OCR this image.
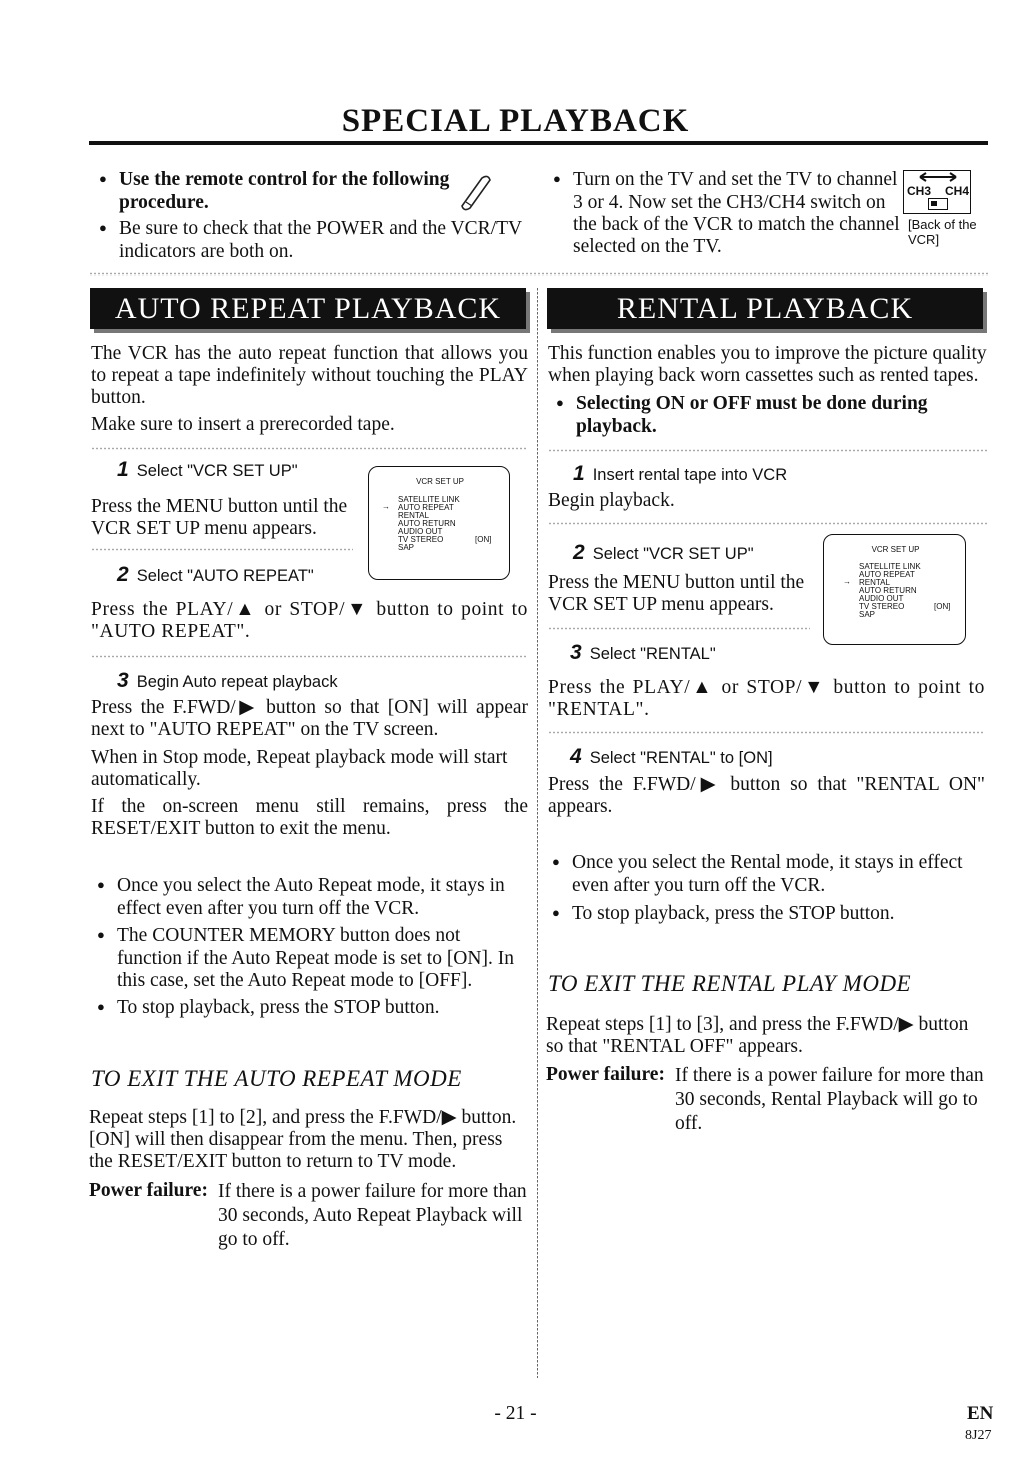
SPECIAL PLAYBACK
●Use the remote control for the following procedure.
●Be sure to check that the POWER and the VCR/TV indicators are both on.
●Turn on the TV and set the TV to channel 3 or 4. Now set the CH3/CH4 switch on the back of the VCR to match the channel selected on the TV.
CH3 CH4
[Back of the VCR]
AUTO REPEAT PLAYBACK
The VCR has the auto repeat function that allows you to repeat a tape indefinitely without touching the PLAY button.
Make sure to insert a prerecorded tape.
1 Select "VCR SET UP"
Press the MENU button until the VCR SET UP menu appears.
VCR SET UP
→
SATELLITE LINK
AUTO REPEAT
RENTAL
AUTO RETURN
AUDIO OUT
TV STEREO
SAP
[ON]
2 Select "AUTO REPEAT"
Press the PLAY/▲ or STOP/▼ button to point to "AUTO REPEAT".
3 Begin Auto repeat playback
Press the F.FWD/▶ button so that [ON] will appear next to "AUTO REPEAT" on the TV screen.
When in Stop mode, Repeat playback mode will start automatically.
If the on-screen menu still remains, press the RESET/EXIT button to exit the menu.
●Once you select the Auto Repeat mode, it stays in effect even after you turn off the VCR.
●The COUNTER MEMORY button does not function if the Auto Repeat mode is set to [ON]. In this case, set the Auto Repeat mode to [OFF].
●To stop playback, press the STOP button.
TO EXIT THE AUTO REPEAT MODE
Repeat steps [1] to [2], and press the F.FWD/▶ button. [ON] will then disappear from the menu. Then, press the RESET/EXIT button to return to TV mode.
Power failure: If there is a power failure for more than 30 seconds, Auto Repeat Playback will go to off.
RENTAL PLAYBACK
This function enables you to improve the picture quality when playing back worn cassettes such as rented tapes.
●Selecting ON or OFF must be done during playback.
1 Insert rental tape into VCR
Begin playback.
2 Select "VCR SET UP"
Press the MENU button until the VCR SET UP menu appears.
VCR SET UP
→
SATELLITE LINK
AUTO REPEAT
RENTAL
AUTO RETURN
AUDIO OUT
TV STEREO
SAP
[ON]
3 Select "RENTAL"
Press the PLAY/▲ or STOP/▼ button to point to "RENTAL".
4 Select "RENTAL" to [ON]
Press the F.FWD/▶ button so that "RENTAL ON" appears.
●Once you select the Rental mode, it stays in effect even after you turn off the VCR.
●To stop playback, press the STOP button.
TO EXIT THE RENTAL PLAY MODE
Repeat steps [1] to [3], and press the F.FWD/▶ button so that "RENTAL OFF" appears.
Power failure: If there is a power failure for more than 30 seconds, Rental Playback will go to off.
- 21 -	EN
8J27
